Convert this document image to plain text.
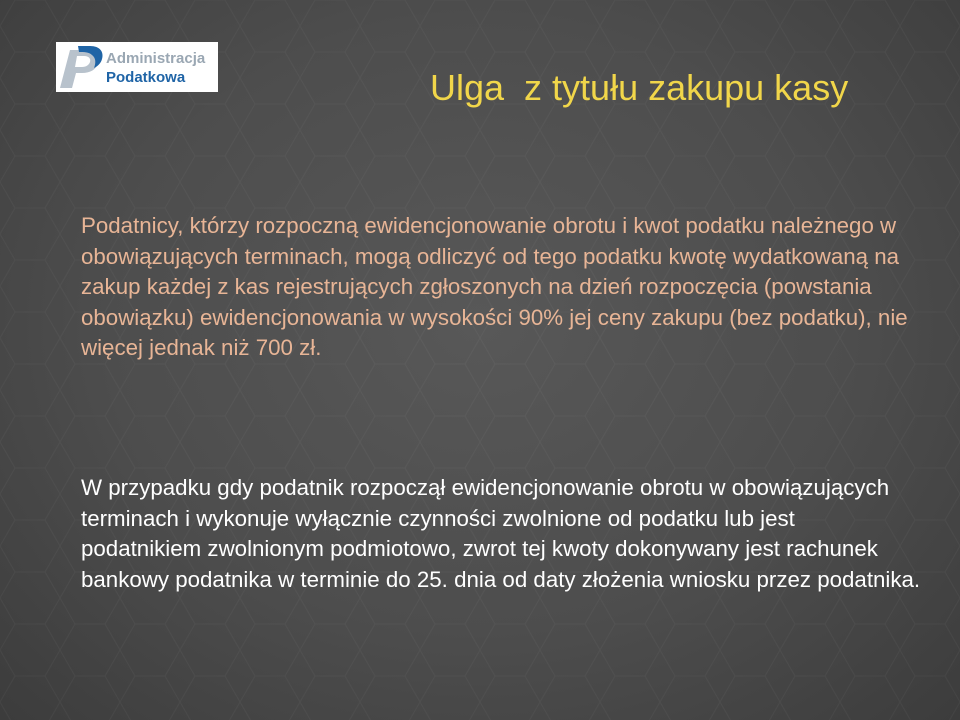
Administracja
Podatkowa	Ulga  z tytułu zakupu kasy

Podatnicy, którzy rozpoczną ewidencjonowanie obrotu i kwot podatku należnego w obowiązujących terminach, mogą odliczyć od tego podatku kwotę wydatkowaną na zakup każdej z kas rejestrujących zgłoszonych na dzień rozpoczęcia (powstania obowiązku) ewidencjonowania w wysokości 90% jej ceny zakupu (bez podatku), nie więcej jednak niż 700 zł.

W przypadku gdy podatnik rozpoczął ewidencjonowanie obrotu w obowiązujących terminach i wykonuje wyłącznie czynności zwolnione od podatku lub jest podatnikiem zwolnionym podmiotowo, zwrot tej kwoty dokonywany jest rachunek bankowy podatnika w terminie do 25. dnia od daty złożenia wniosku przez podatnika.
